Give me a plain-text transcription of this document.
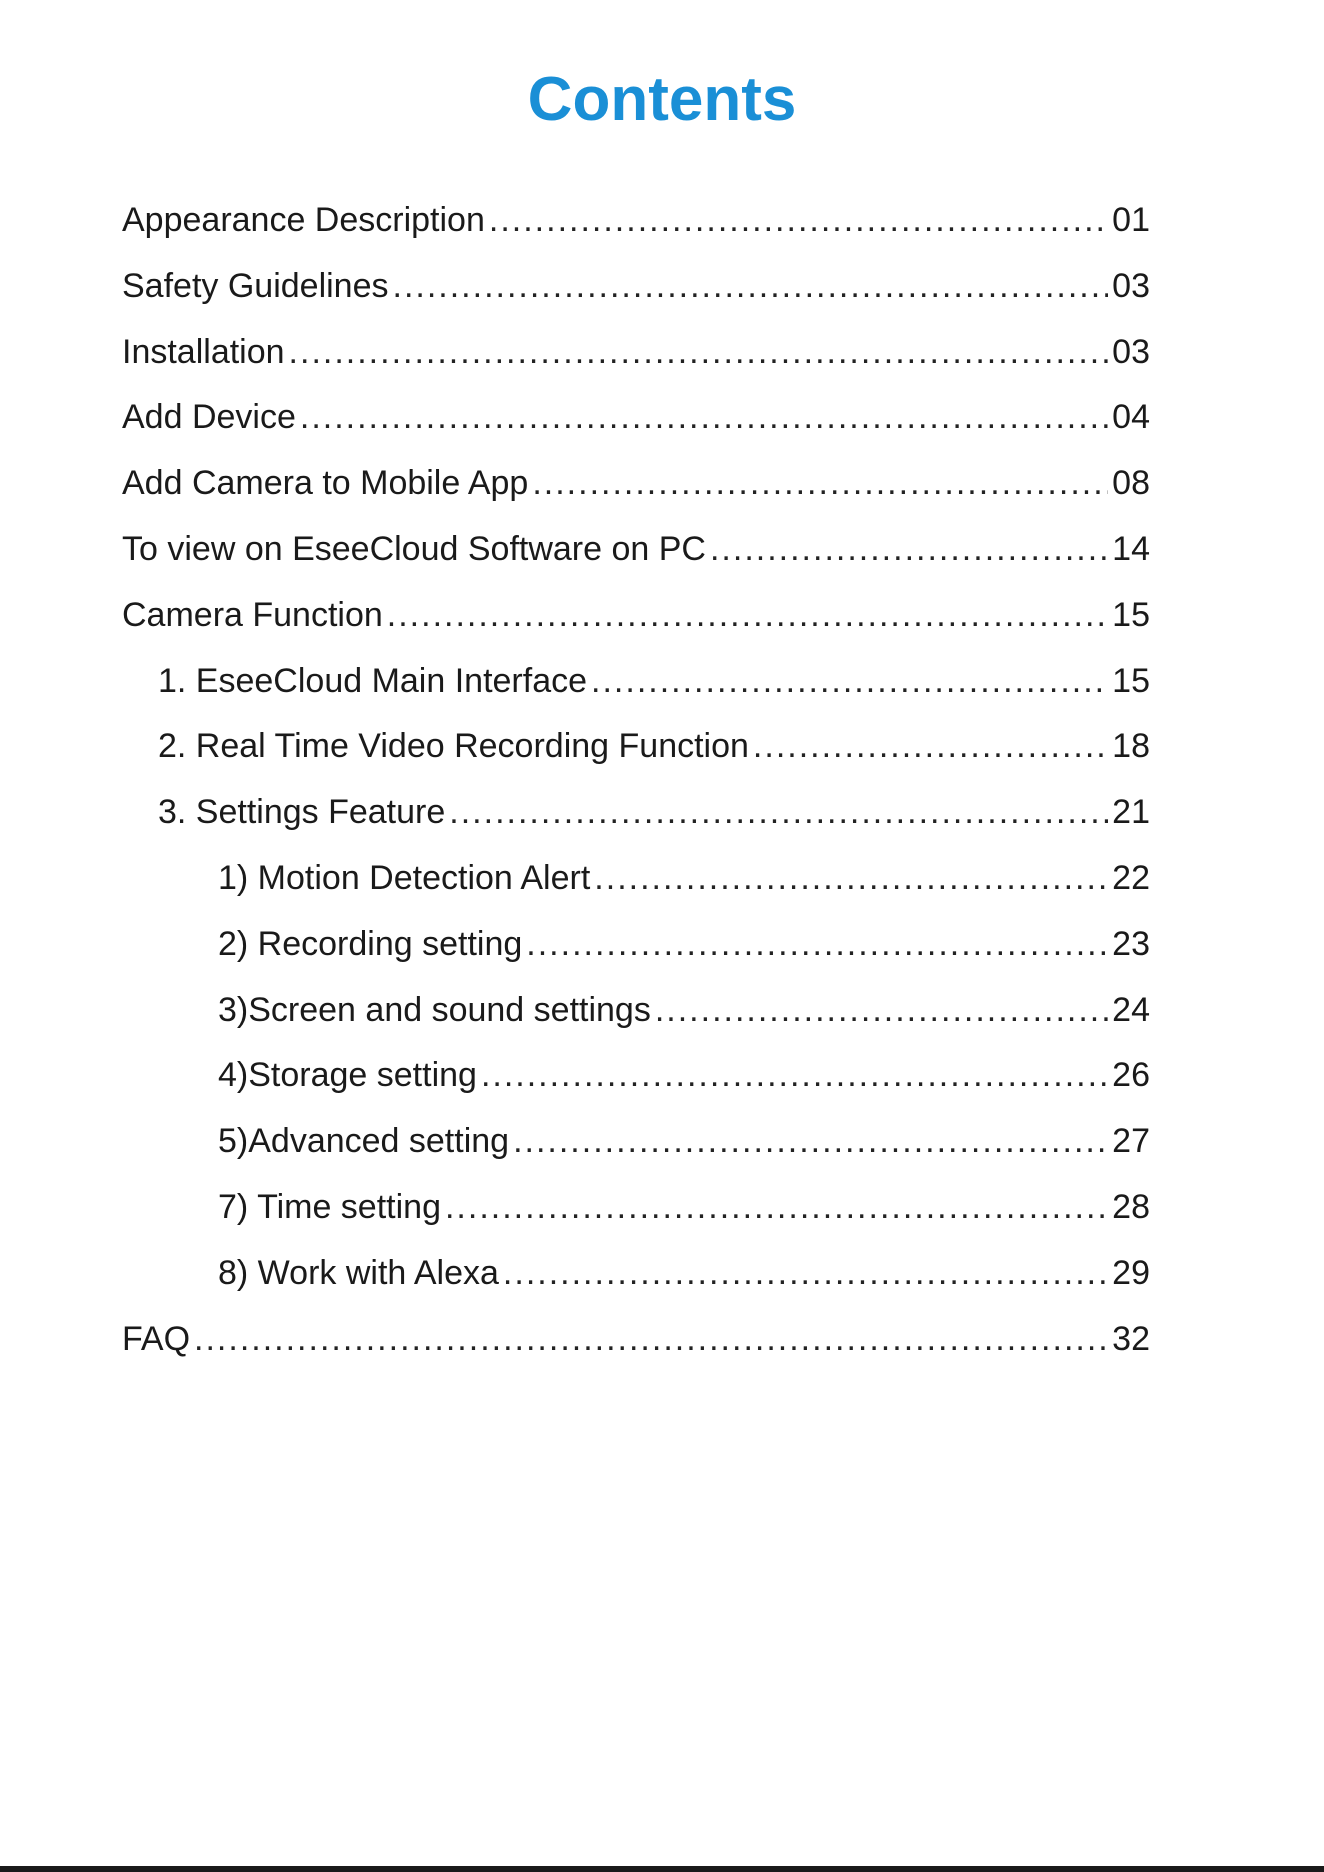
Contents
Appearance Description .....	01
Safety Guidelines .....	03
Installation .....	03
Add Device .....	04
Add Camera to Mobile App .....	08
To view on EseeCloud Software on PC .....	14
Camera Function .....	15
1. EseeCloud Main Interface .....	15
2. Real Time Video Recording Function .....	18
3. Settings Feature .....	21
1) Motion Detection Alert .....	22
2) Recording setting .....	23
3)Screen and sound settings .....	24
4)Storage setting .....	26
5)Advanced setting .....	27
7) Time setting .....	28
8) Work with Alexa .....	29
FAQ .....	32
